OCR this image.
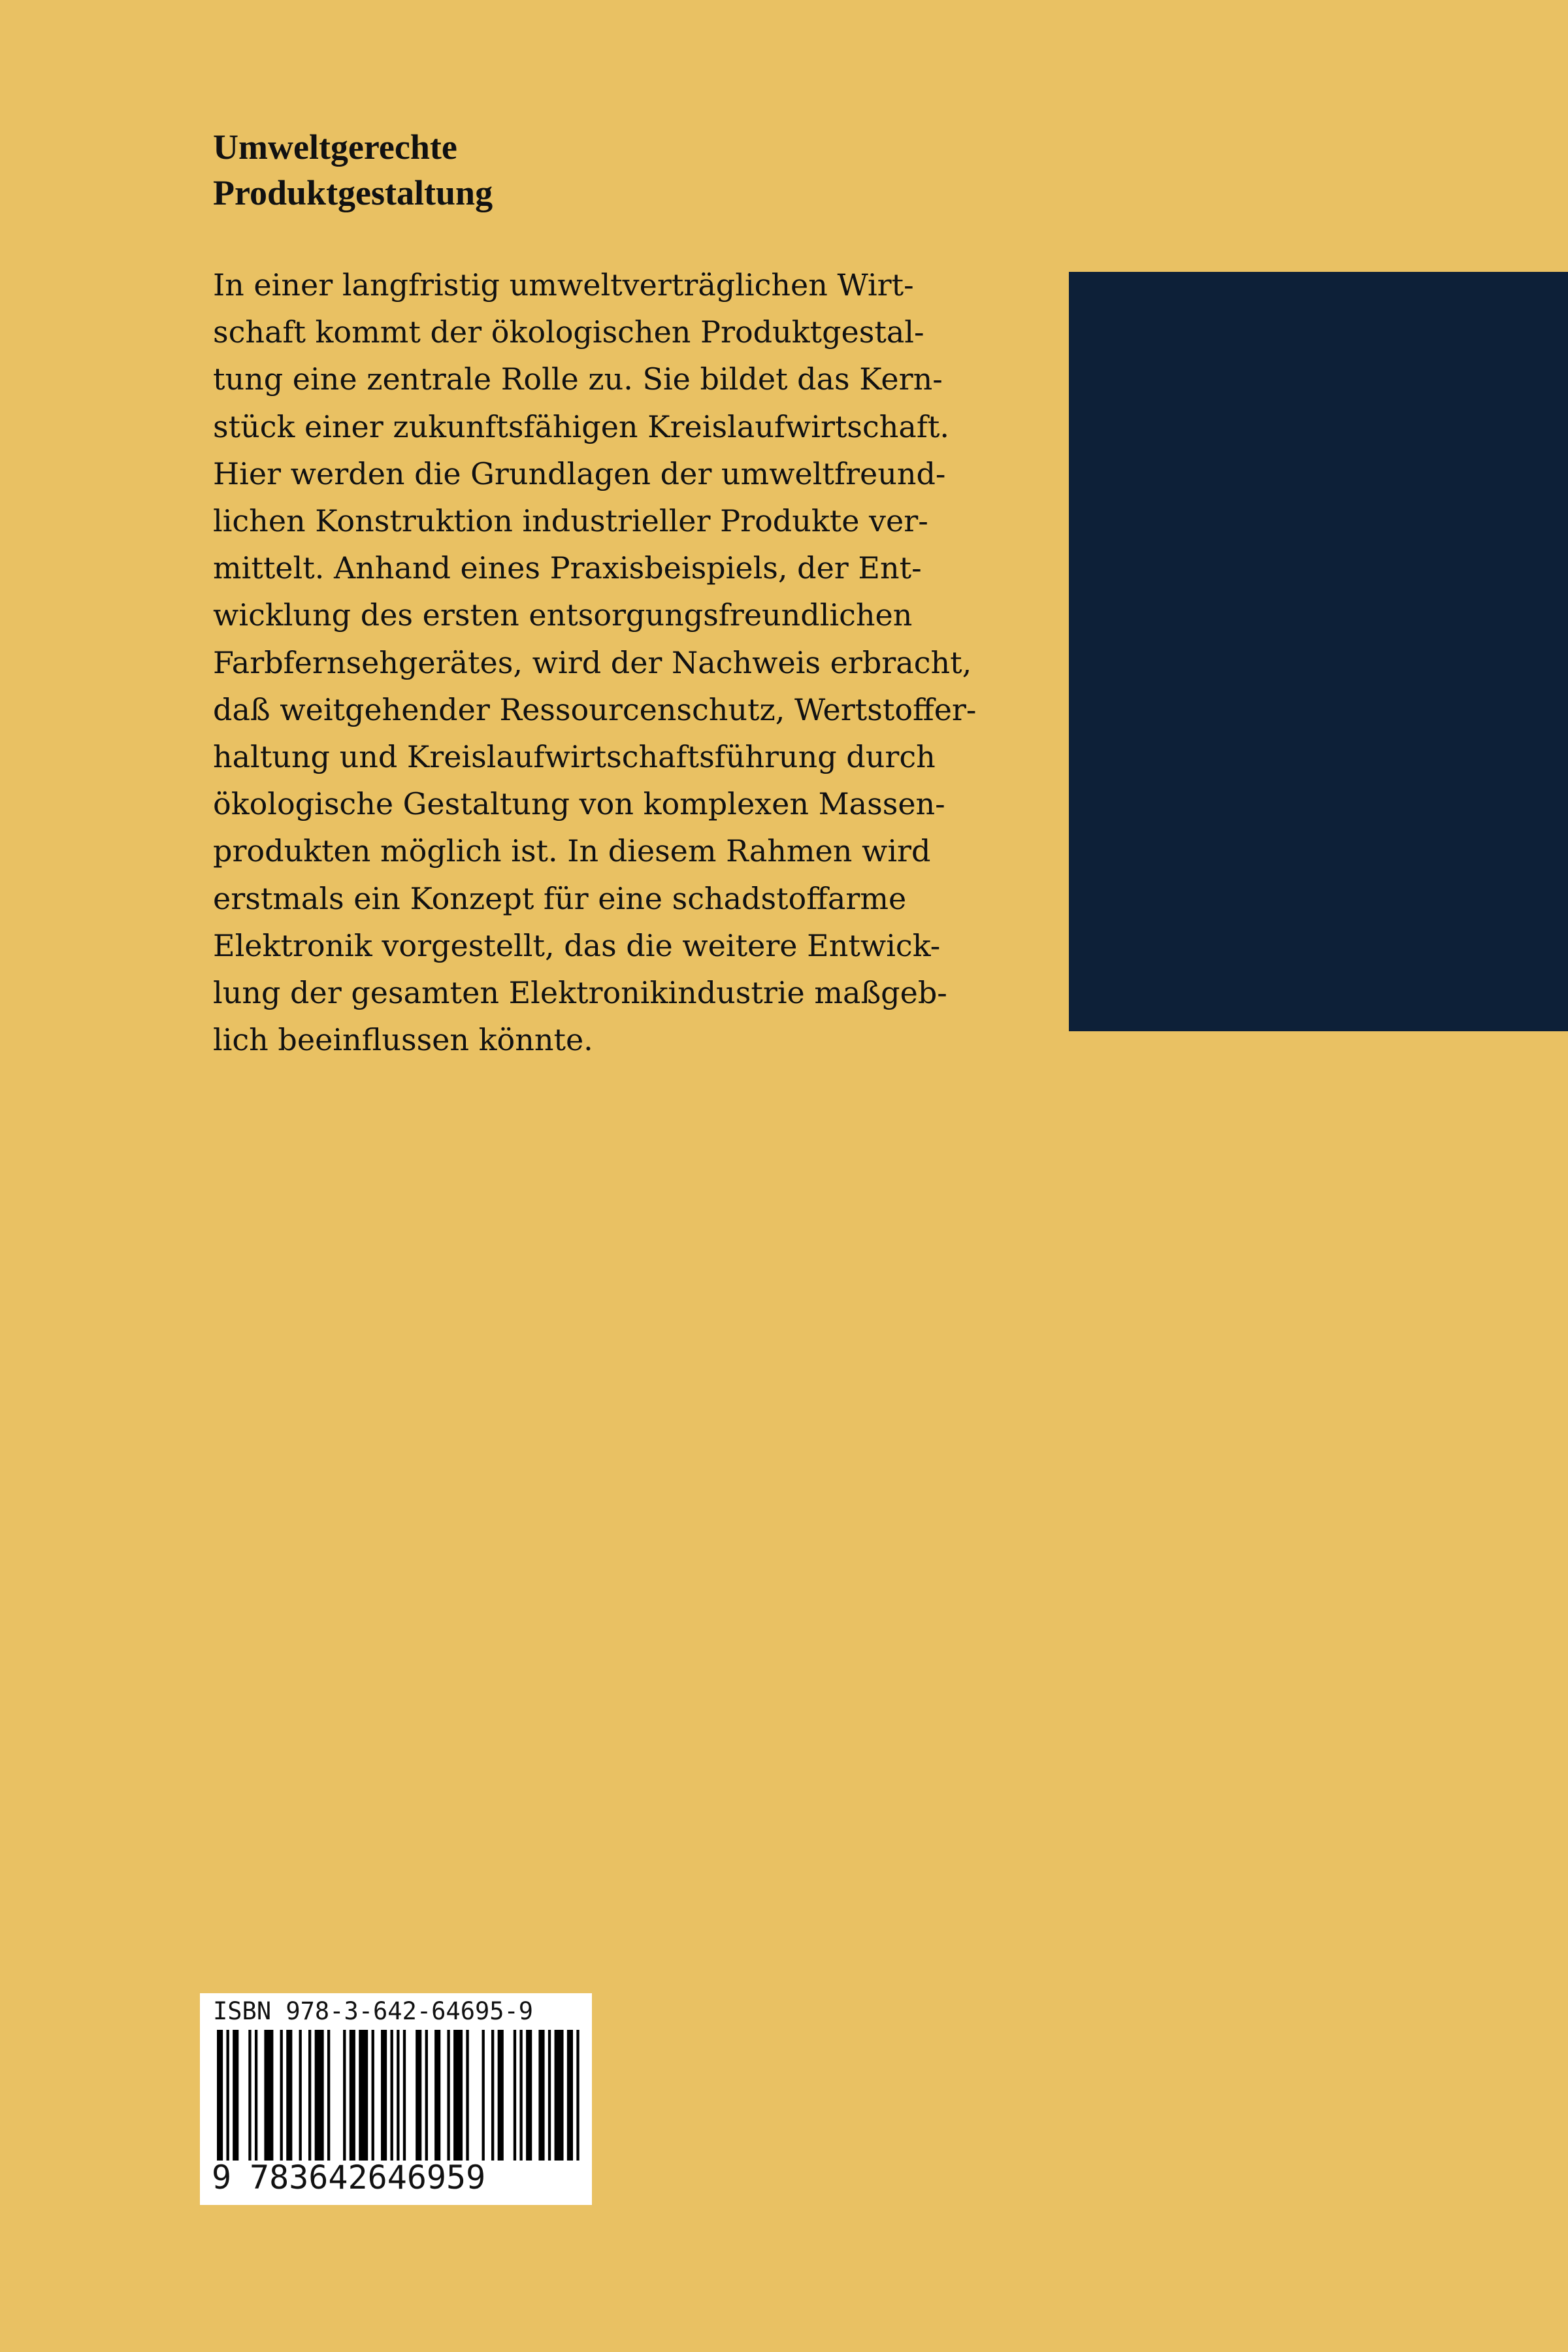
Umweltgerechte
Produktgestaltung
In einer langfristig umweltverträglichen Wirt-
schaft kommt der ökologischen Produktgestal-
tung eine zentrale Rolle zu. Sie bildet das Kern-
stück einer zukunftsfähigen Kreislaufwirtschaft.
Hier werden die Grundlagen der umweltfreund-
lichen Konstruktion industrieller Produkte ver-
mittelt. Anhand eines Praxisbeispiels, der Ent-
wicklung des ersten entsorgungsfreundlichen
Farbfernsehgerätes, wird der Nachweis erbracht,
daß weitgehender Ressourcenschutz, Wertstoffer-
haltung und Kreislaufwirtschaftsführung durch
ökologische Gestaltung von komplexen Massen-
produkten möglich ist. In diesem Rahmen wird
erstmals ein Konzept für eine schadstoffarme
Elektronik vorgestellt, das die weitere Entwick-
lung der gesamten Elektronikindustrie maßgeb-
lich beeinflussen könnte.
ISBN 978-3-642-64695-9
9 783642646959
